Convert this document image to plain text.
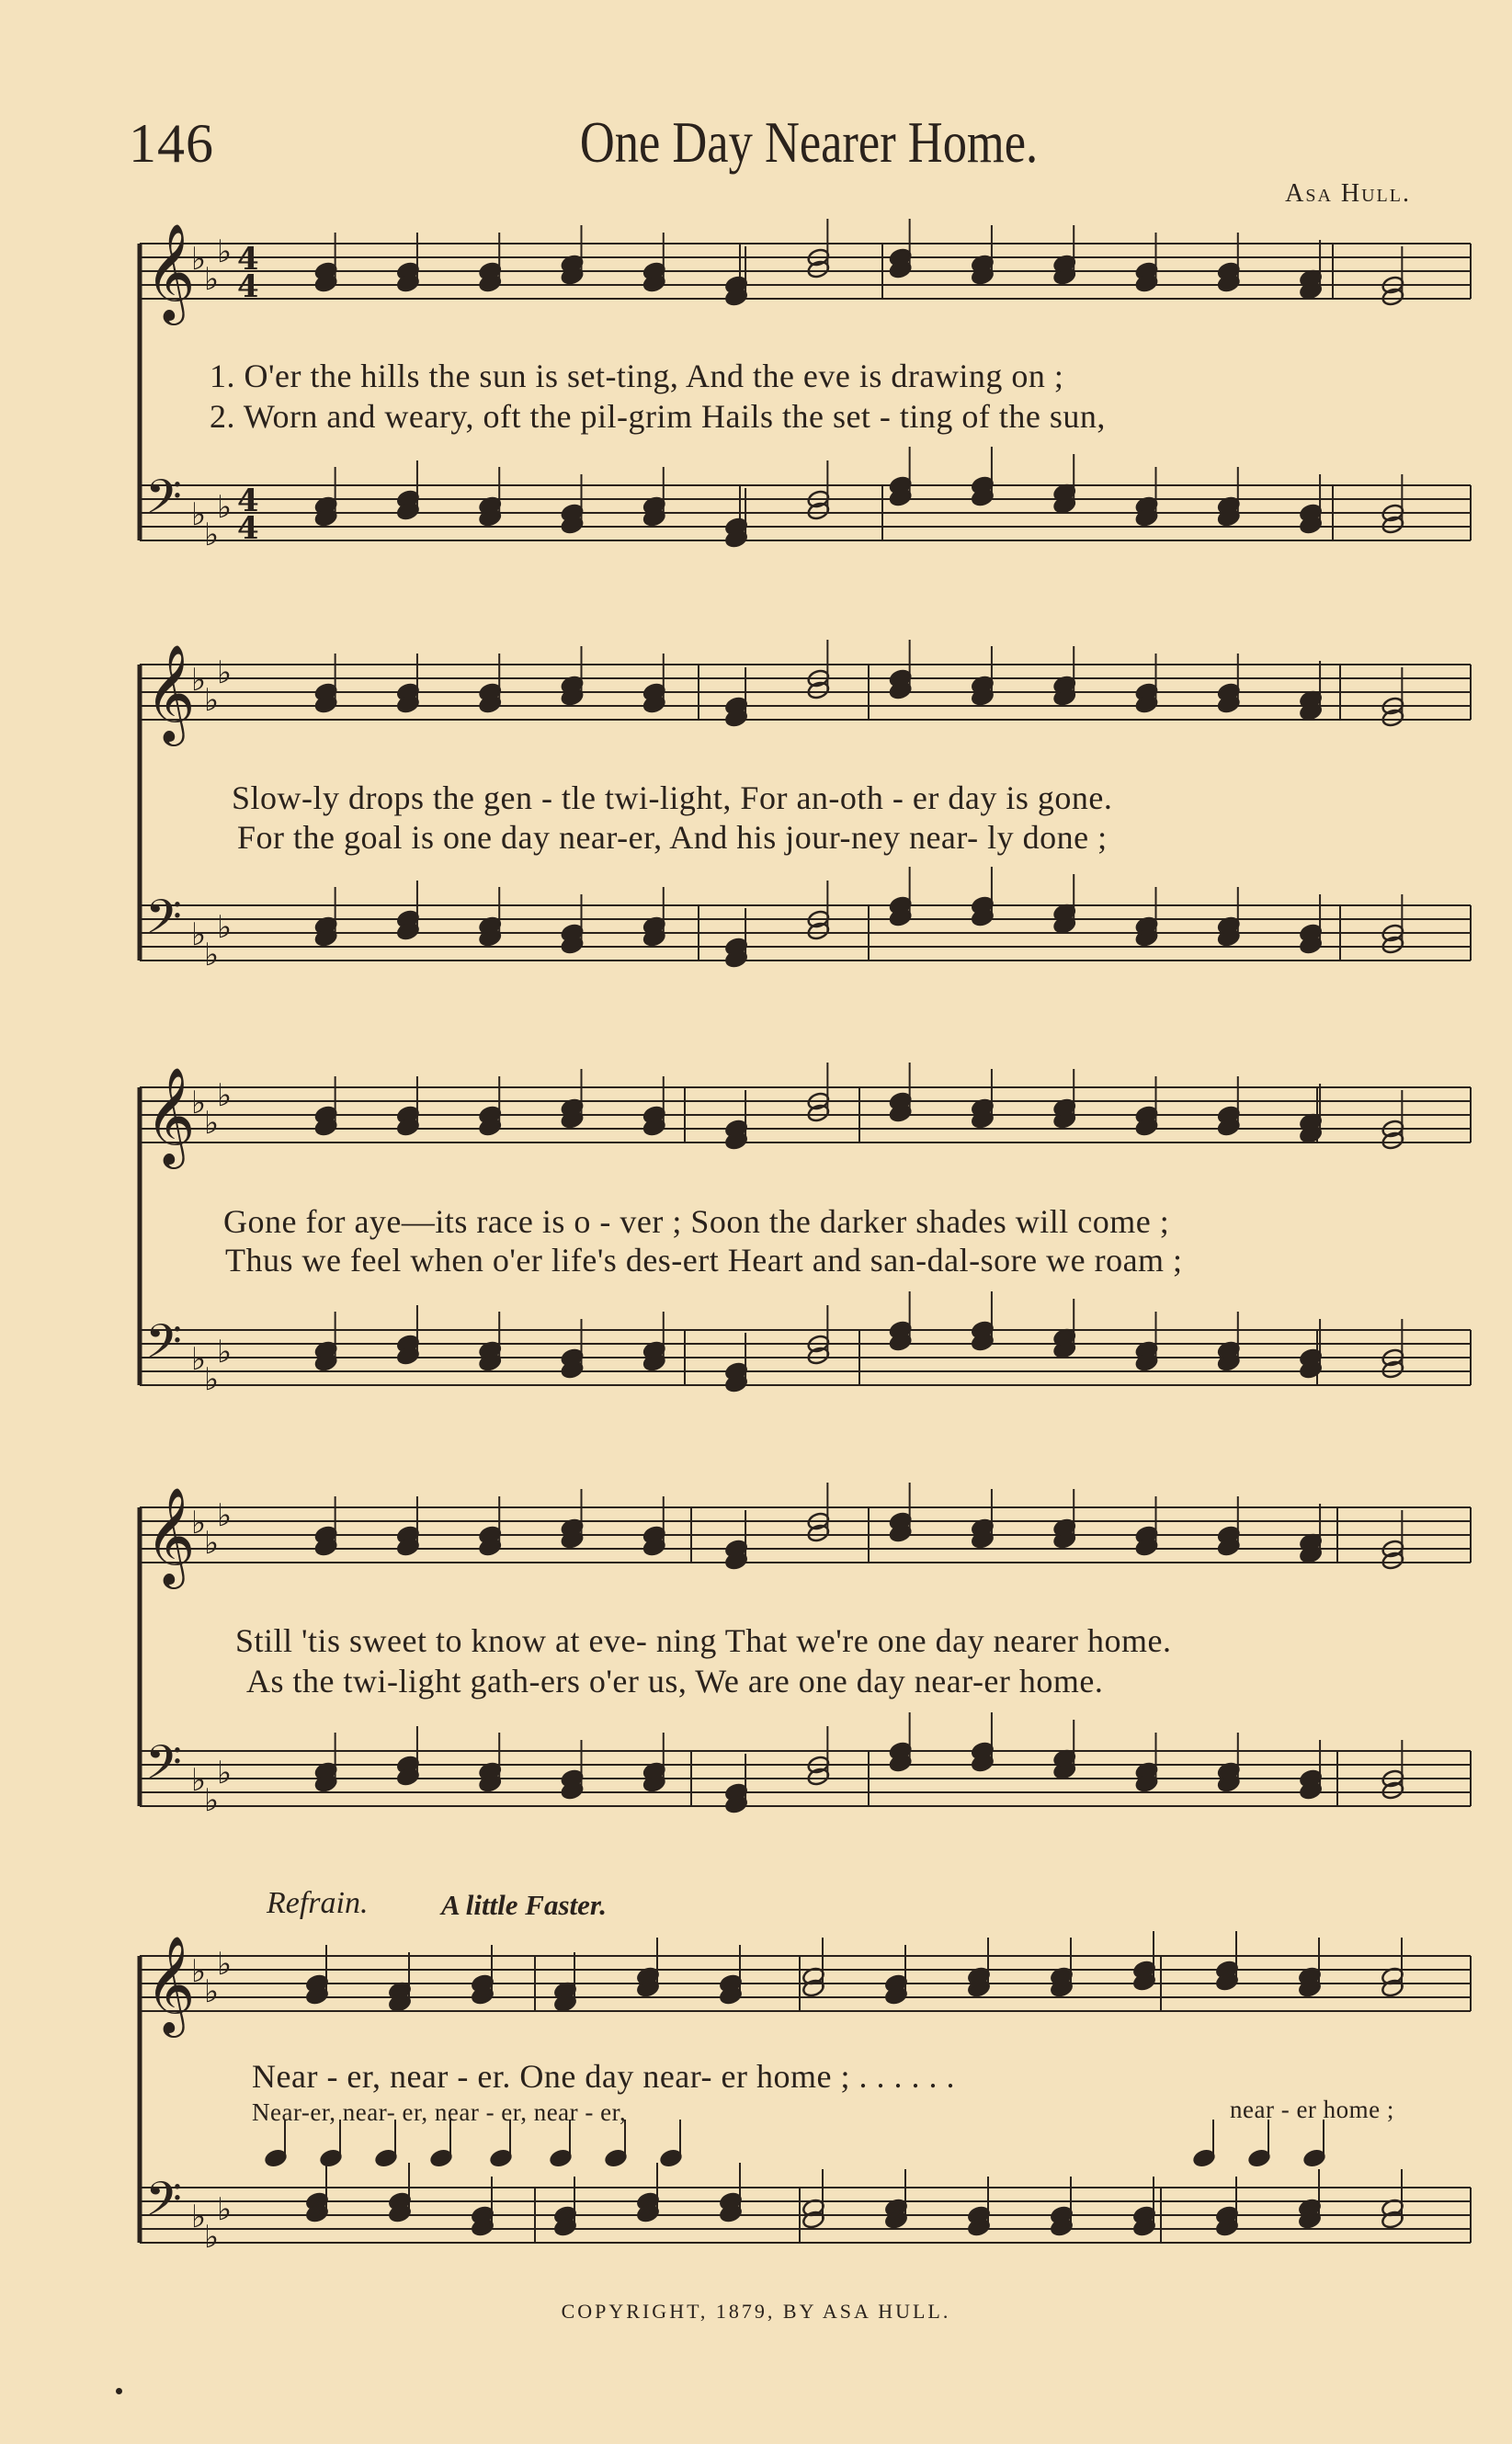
146	One Day Nearer Home.
Asa Hull.
𝄞
♭
♭
♭
𝄢 ♭
♭
♭
4
4
4
4
𝄞
♭
♭
♭
𝄢 ♭
♭
♭
𝄞
♭
♭
♭
𝄢 ♭
♭
♭
𝄞
♭
♭
♭
𝄢 ♭
♭
♭
𝄞
♭
♭
♭
𝄢 ♭
♭
♭
1. O'er the hills the sun is set-ting, And the eve is drawing on ;
2. Worn and weary, oft the pil-grim Hails the set - ting of the sun,
Slow-ly drops the gen - tle twi-light, For an-oth - er day is gone.
For the goal is one day near-er, And his jour-ney near- ly done ;
Gone for aye—its race is o - ver ; Soon the darker shades will come ;
Thus we feel when o'er life's des-ert Heart and san-dal-sore we roam ;
Still 'tis sweet to know at eve- ning That we're one day nearer home.
As the twi-light gath-ers o'er us, We are one day near-er home.
Refrain.	A little Faster.
Near - er, near - er. One day near- er home ; . . . . . .
Near-er, near- er, near - er, near - er,	near - er home ;
COPYRIGHT, 1879, BY ASA HULL.
